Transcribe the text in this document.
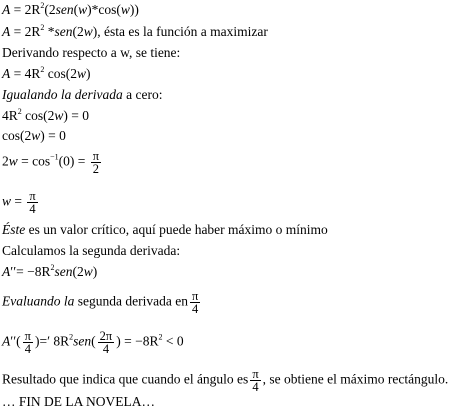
$A = 2R^2(2sen(w)*\cos(w))$
$A = 2R^2$ *sen(2w), ésta es la función a maximizar
Derivando respecto a w, se tiene:
$A = 4R^2$ cos(2w)
Igualando la derivada a cero:
$4R^2$ cos(2w) = 0
cos(2w) = 0
$2w = \cos^{-1}(0) = \frac{\pi}{2}$
$w = \frac{\pi}{4}$
Éste es un valor crítico, aquí puede haber máximo o mínimo
Calculamos la segunda derivada:
$A''= -8R^2sen(2w)$
Evaluando la segunda derivada en $\frac{\pi}{4}$
$A''( \frac{\pi}{4}$ )=′ $8R^2sen( \frac{2\pi}{4}$ ) = $-8R^2 < 0$
Resultado que indica que cuando el ángulo es $\frac{\pi}{4}$ , se obtiene el máximo rectángulo.
… FIN DE LA NOVELA…
